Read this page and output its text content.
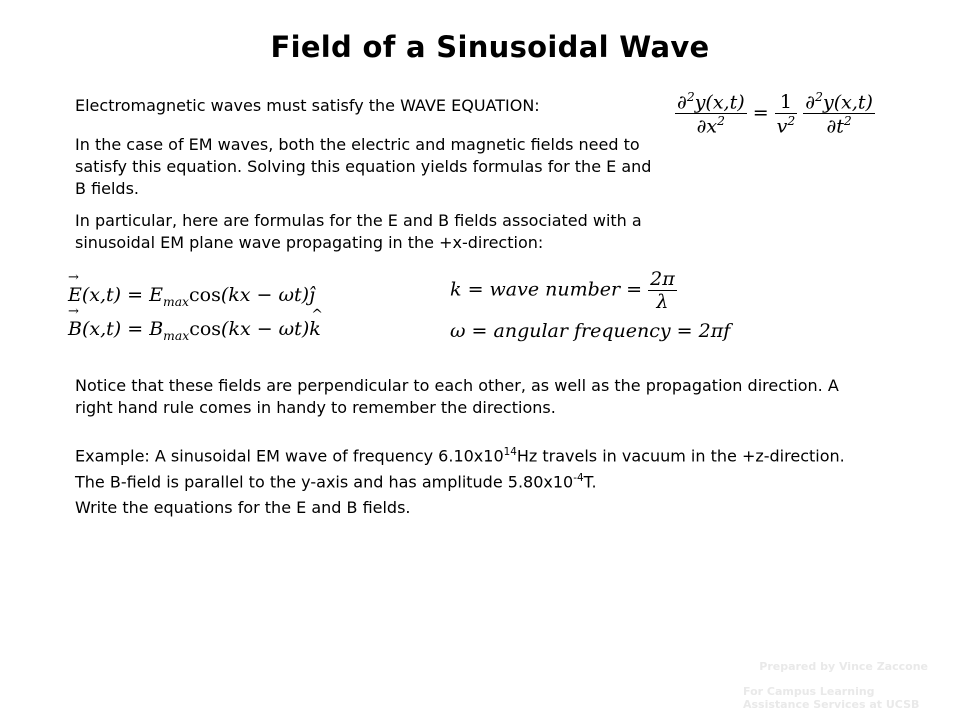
Field of a Sinusoidal Wave
Electromagnetic waves must satisfy the WAVE EQUATION:	$\frac{\partial^2y(x,t)}{\partial x^2} = \frac{1}{v^2}$
$\frac{\partial^2y(x,t)}{\partial t^2}$
In the case of EM waves, both the electric and magnetic fields need to satisfy this equation. Solving this equation yields formulas for the E and B fields.
In particular, here are formulas for the E and B fields associated with a sinusoidal EM plane wave propagating in the +x-direction:
→ $E(x,t) = E_{max}\cos(kx$ − ωt)ĵ
→ $B(x,t) = B_{max}\cos(kx$ − ωt)^ k
k = wave number = $\frac{2\pi}{\lambda}$
ω = angular frequency = 2πf
Notice that these fields are perpendicular to each other, as well as the propagation direction. A right hand rule comes in handy to remember the directions.
Example: A sinusoidal EM wave of frequency $6.10x10^{14}Hz$ travels in vacuum in the +z-direction. The B-field is parallel to the y-axis and has amplitude $5.80x10^{-4}T$.
Write the equations for the E and B fields.
Prepared by Vince Zaccone
For Campus Learning
Assistance Services at UCSB
